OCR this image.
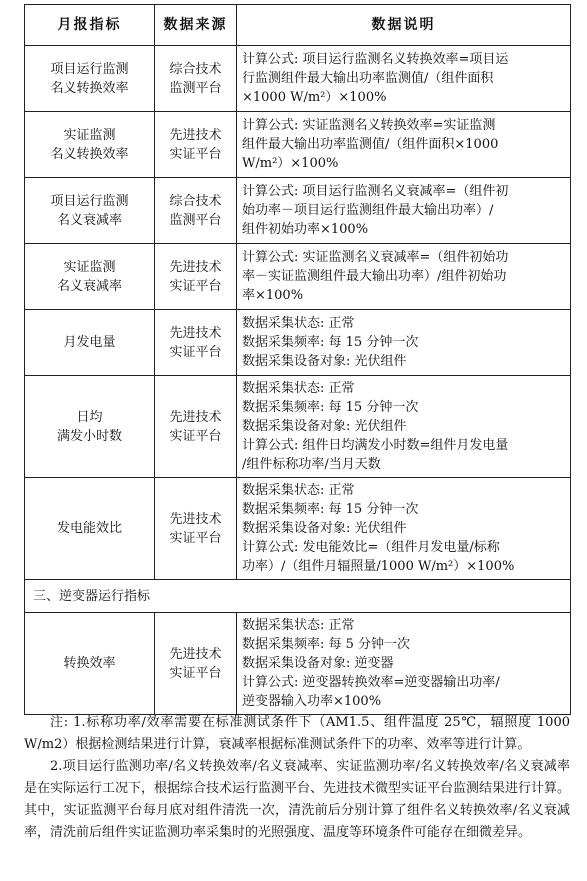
月报指标	数据来源	数据说明

项目运行监测
名义转换效率	综合技术
监测平台	计算公式: 项目运行监测名义转换效率=项目运
行监测组件最大输出功率监测值/（组件面积
×1000 W/m²）×100%

实证监测
名义转换效率	先进技术
实证平台	计算公式: 实证监测名义转换效率=实证监测
组件最大输出功率监测值/（组件面积×1000
W/m²）×100%

项目运行监测
名义衰减率	综合技术
监测平台	计算公式: 项目运行监测名义衰减率=（组件初
始功率－项目运行监测组件最大输出功率）/
组件初始功率×100%

实证监测
名义衰减率	先进技术
实证平台	计算公式: 实证监测名义衰减率=（组件初始功
率－实证监测组件最大输出功率）/组件初始功
率×100%

月发电量	先进技术
实证平台	数据采集状态: 正常
数据采集频率: 每 15 分钟一次
数据采集设备对象: 光伏组件

日均
满发小时数	先进技术
实证平台	数据采集状态: 正常
数据采集频率: 每 15 分钟一次
数据采集设备对象: 光伏组件
计算公式: 组件日均满发小时数=组件月发电量
/组件标称功率/当月天数

发电能效比	先进技术
实证平台	数据采集状态: 正常
数据采集频率: 每 15 分钟一次
数据采集设备对象: 光伏组件
计算公式: 发电能效比=（组件月发电量/标称
功率）/（组件月辐照量/1000 W/m²）×100%

三、逆变器运行指标		

转换效率	先进技术
实证平台	数据采集状态: 正常
数据采集频率: 每 5 分钟一次
数据采集设备对象: 逆变器
计算公式: 逆变器转换效率=逆变器输出功率/
逆变器输入功率×100%

注: 1.标称功率/效率需要在标准测试条件下（AM1.5、组件温度 25℃，辐照度 1000 W/m2）根据检测结果进行计算，衰减率根据标准测试条件下的功率、效率等进行计算。

2.项目运行监测功率/名义转换效率/名义衰减率、实证监测功率/名义转换效率/名义衰减率是在实际运行工况下，根据综合技术运行监测平台、先进技术微型实证平台监测结果进行计算。其中，实证监测平台每月底对组件清洗一次，清洗前后分别计算了组件名义转换效率/名义衰减率，清洗前后组件实证监测功率采集时的光照强度、温度等环境条件可能存在细微差异。
